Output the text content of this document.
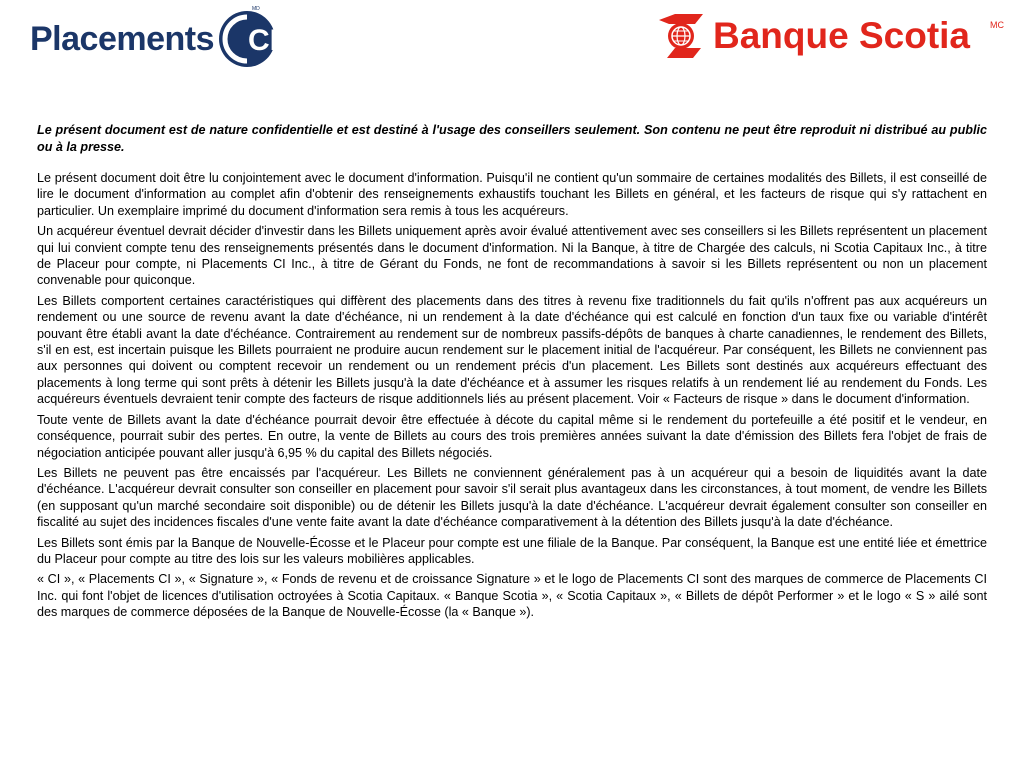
Placements CI
MD
Banque Scotia MC

Le présent document est de nature confidentielle et est destiné à l'usage des conseillers seulement. Son contenu ne peut être reproduit ni distribué au public ou à la presse.

Le présent document doit être lu conjointement avec le document d'information. Puisqu'il ne contient qu'un sommaire de certaines modalités des Billets, il est conseillé de lire le document d'information au complet afin d'obtenir des renseignements exhaustifs touchant les Billets en général, et les facteurs de risque qui s'y rattachent en particulier. Un exemplaire imprimé du document d'information sera remis à tous les acquéreurs.

Un acquéreur éventuel devrait décider d'investir dans les Billets uniquement après avoir évalué attentivement avec ses conseillers si les Billets représentent un placement qui lui convient compte tenu des renseignements présentés dans le document d'information. Ni la Banque, à titre de Chargée des calculs, ni Scotia Capitaux Inc., à titre de Placeur pour compte, ni Placements CI Inc., à titre de Gérant du Fonds, ne font de recommandations à savoir si les Billets représentent ou non un placement convenable pour quiconque.

Les Billets comportent certaines caractéristiques qui diffèrent des placements dans des titres à revenu fixe traditionnels du fait qu'ils n'offrent pas aux acquéreurs un rendement ou une source de revenu avant la date d'échéance, ni un rendement à la date d'échéance qui est calculé en fonction d'un taux fixe ou variable d'intérêt pouvant être établi avant la date d'échéance. Contrairement au rendement sur de nombreux passifs-dépôts de banques à charte canadiennes, le rendement des Billets, s'il en est, est incertain puisque les Billets pourraient ne produire aucun rendement sur le placement initial de l'acquéreur. Par conséquent, les Billets ne conviennent pas aux personnes qui doivent ou comptent recevoir un rendement ou un rendement précis d'un placement. Les Billets sont destinés aux acquéreurs effectuant des placements à long terme qui sont prêts à détenir les Billets jusqu'à la date d'échéance et à assumer les risques relatifs à un rendement lié au rendement du Fonds. Les acquéreurs éventuels devraient tenir compte des facteurs de risque additionnels liés au présent placement. Voir « Facteurs de risque » dans le document d'information.

Toute vente de Billets avant la date d'échéance pourrait devoir être effectuée à décote du capital même si le rendement du portefeuille a été positif et le vendeur, en conséquence, pourrait subir des pertes. En outre, la vente de Billets au cours des trois premières années suivant la date d'émission des Billets fera l'objet de frais de négociation anticipée pouvant aller jusqu'à 6,95 % du capital des Billets négociés.

Les Billets ne peuvent pas être encaissés par l'acquéreur. Les Billets ne conviennent généralement pas à un acquéreur qui a besoin de liquidités avant la date d'échéance. L'acquéreur devrait consulter son conseiller en placement pour savoir s'il serait plus avantageux dans les circonstances, à tout moment, de vendre les Billets (en supposant qu'un marché secondaire soit disponible) ou de détenir les Billets jusqu'à la date d'échéance. L'acquéreur devrait également consulter son conseiller en fiscalité au sujet des incidences fiscales d'une vente faite avant la date d'échéance comparativement à la détention des Billets jusqu'à la date d'échéance.

Les Billets sont émis par la Banque de Nouvelle-Écosse et le Placeur pour compte est une filiale de la Banque. Par conséquent, la Banque est une entité liée et émettrice du Placeur pour compte au titre des lois sur les valeurs mobilières applicables.

« CI », « Placements CI », « Signature », « Fonds de revenu et de croissance Signature » et le logo de Placements CI sont des marques de commerce de Placements CI Inc. qui font l'objet de licences d'utilisation octroyées à Scotia Capitaux. « Banque Scotia », « Scotia Capitaux », « Billets de dépôt Performer » et le logo « S » ailé sont des marques de commerce déposées de la Banque de Nouvelle-Écosse (la « Banque »).
